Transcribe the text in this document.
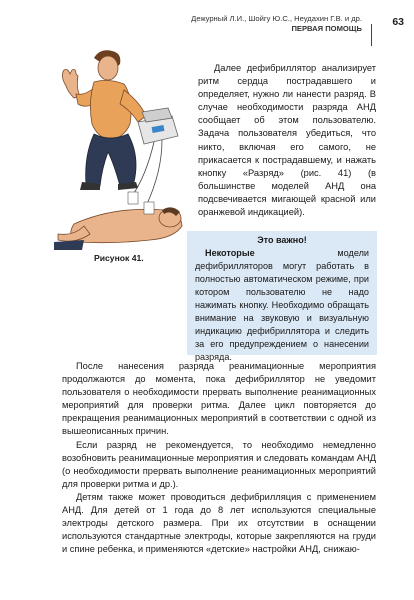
Дежурный Л.И., Шойгу Ю.С., Неудахин Г.В. и др.
ПЕРВАЯ ПОМОЩЬ
63
Рисунок 41.

Далее дефибриллятор анализирует ритм сердца пострадавшего и определяет, нужно ли нанести разряд. В случае необходимости разряда АНД сообщает об этом пользователю. Задача пользователя убедиться, что никто, включая его самого, не прикасается к пострадавшему, и нажать кнопку «Разряд» (рис. 41) (в большинстве моделей АНД она подсвечивается мигающей красной или оранжевой индикацией).

Это важно!
Некоторые модели дефибрилляторов могут работать в полностью автоматическом режиме, при котором пользователю не надо нажимать кнопку. Необходимо обращать внимание на звуковую и визуальную индикацию дефибриллятора и следить за его предупреждением о нанесении разряда.

После нанесения разряда реанимационные мероприятия продолжаются до момента, пока дефибриллятор не уведомит пользователя о необходимости прервать выполнение реанимационных мероприятий для проверки ритма. Далее цикл повторяется до прекращения реанимационных мероприятий в соответствии с одной из вышеописанных причин.

Если разряд не рекомендуется, то необходимо немедленно возобновить реанимационные мероприятия и следовать командам АНД (о необходимости прервать выполнение реанимационных мероприятий для проверки ритма и др.).

Детям также может проводиться дефибрилляция с применением АНД. Для детей от 1 года до 8 лет используются специальные электроды детского размера. При их отсутствии в оснащении используются стандартные электроды, которые закрепляются на груди и спине ребенка, и применяются «детские» настройки АНД, снижаю-
